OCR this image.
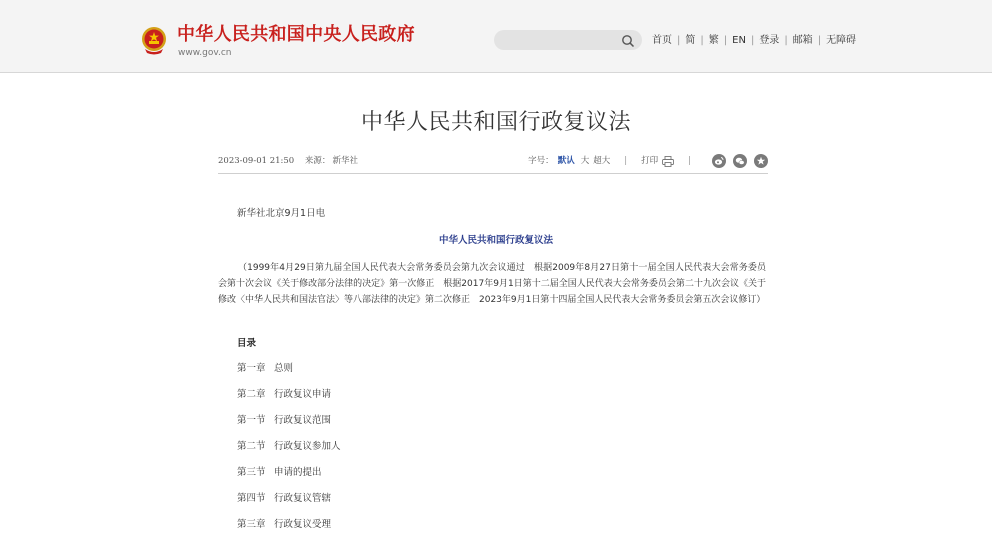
中华人民共和国中央人民政府
www.gov.cn
首页 | 简 | 繁 | EN | 登录 | 邮箱 | 无障碍
中华人民共和国行政复议法
2023-09-01 21:50 来源： 新华社	字号： 默认 大 超大 | 打印	|
新华社北京9月1日电
中华人民共和国行政复议法
（1999年4月29日第九届全国人民代表大会常务委员会第九次会议通过　根据2009年8月27日第十一届全国人民代表大会常务委员会第十次会议《关于修改部分法律的决定》第一次修正　根据2017年9月1日第十二届全国人民代表大会常务委员会第二十九次会议《关于修改〈中华人民共和国法官法〉等八部法律的决定》第二次修正　2023年9月1日第十四届全国人民代表大会常务委员会第五次会议修订）
目录
第一章 总则
第二章 行政复议申请
第一节 行政复议范围
第二节 行政复议参加人
第三节 申请的提出
第四节 行政复议管辖
第三章 行政复议受理
